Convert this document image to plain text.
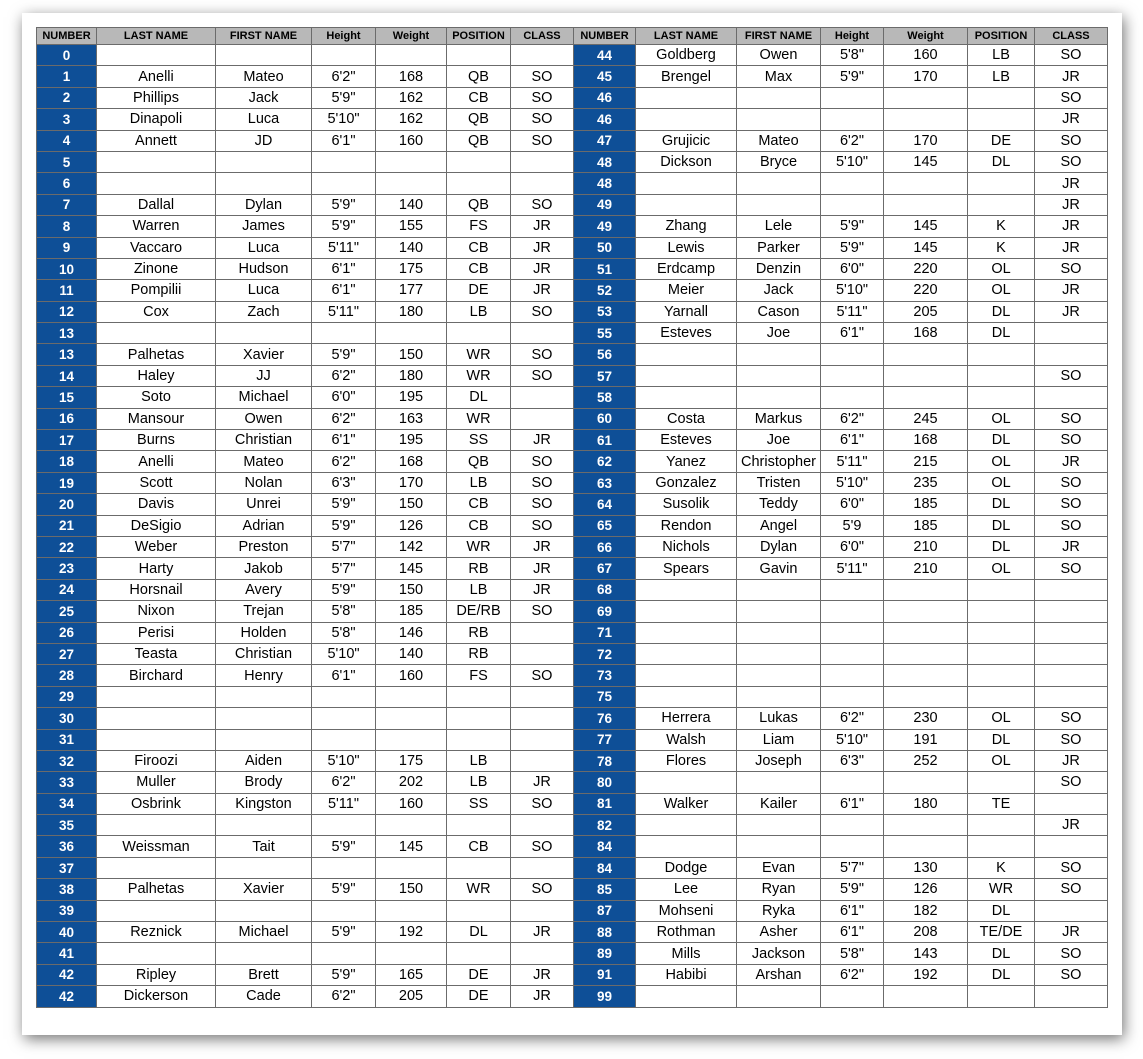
NUMBER	LAST NAME	FIRST NAME	Height	Weight	POSITION	CLASS	NUMBER	LAST NAME	FIRST NAME	Height	Weight	POSITION	CLASS
0							44	Goldberg	Owen	5'8"	160	LB	SO
1	Anelli	Mateo	6'2"	168	QB	SO	45	Brengel	Max	5'9"	170	LB	JR
2	Phillips	Jack	5'9"	162	CB	SO	46						SO
3	Dinapoli	Luca	5'10"	162	QB	SO	46						JR
4	Annett	JD	6'1"	160	QB	SO	47	Grujicic	Mateo	6'2"	170	DE	SO
5							48	Dickson	Bryce	5'10"	145	DL	SO
6							48						JR
7	Dallal	Dylan	5'9"	140	QB	SO	49						JR
8	Warren	James	5'9"	155	FS	JR	49	Zhang	Lele	5'9"	145	K	JR
9	Vaccaro	Luca	5'11"	140	CB	JR	50	Lewis	Parker	5'9"	145	K	JR
10	Zinone	Hudson	6'1"	175	CB	JR	51	Erdcamp	Denzin	6'0"	220	OL	SO
11	Pompilii	Luca	6'1"	177	DE	JR	52	Meier	Jack	5'10"	220	OL	JR
12	Cox	Zach	5'11"	180	LB	SO	53	Yarnall	Cason	5'11"	205	DL	JR
13							55	Esteves	Joe	6'1"	168	DL	
13	Palhetas	Xavier	5'9"	150	WR	SO	56						
14	Haley	JJ	6'2"	180	WR	SO	57						SO
15	Soto	Michael	6'0"	195	DL		58						
16	Mansour	Owen	6'2"	163	WR		60	Costa	Markus	6'2"	245	OL	SO
17	Burns	Christian	6'1"	195	SS	JR	61	Esteves	Joe	6'1"	168	DL	SO
18	Anelli	Mateo	6'2"	168	QB	SO	62	Yanez	Christopher	5'11"	215	OL	JR
19	Scott	Nolan	6'3"	170	LB	SO	63	Gonzalez	Tristen	5'10"	235	OL	SO
20	Davis	Unrei	5'9"	150	CB	SO	64	Susolik	Teddy	6'0"	185	DL	SO
21	DeSigio	Adrian	5'9"	126	CB	SO	65	Rendon	Angel	5'9	185	DL	SO
22	Weber	Preston	5'7"	142	WR	JR	66	Nichols	Dylan	6'0"	210	DL	JR
23	Harty	Jakob	5'7"	145	RB	JR	67	Spears	Gavin	5'11"	210	OL	SO
24	Horsnail	Avery	5'9"	150	LB	JR	68						
25	Nixon	Trejan	5'8"	185	DE/RB	SO	69						
26	Perisi	Holden	5'8"	146	RB		71						
27	Teasta	Christian	5'10"	140	RB		72						
28	Birchard	Henry	6'1"	160	FS	SO	73						
29							75						
30							76	Herrera	Lukas	6'2"	230	OL	SO
31							77	Walsh	Liam	5'10"	191	DL	SO
32	Firoozi	Aiden	5'10"	175	LB		78	Flores	Joseph	6'3"	252	OL	JR
33	Muller	Brody	6'2"	202	LB	JR	80						SO
34	Osbrink	Kingston	5'11"	160	SS	SO	81	Walker	Kailer	6'1"	180	TE	
35							82						JR
36	Weissman	Tait	5'9"	145	CB	SO	84						
37							84	Dodge	Evan	5'7"	130	K	SO
38	Palhetas	Xavier	5'9"	150	WR	SO	85	Lee	Ryan	5'9"	126	WR	SO
39							87	Mohseni	Ryka	6'1"	182	DL	
40	Reznick	Michael	5'9"	192	DL	JR	88	Rothman	Asher	6'1"	208	TE/DE	JR
41							89	Mills	Jackson	5'8"	143	DL	SO
42	Ripley	Brett	5'9"	165	DE	JR	91	Habibi	Arshan	6'2"	192	DL	SO
42	Dickerson	Cade	6'2"	205	DE	JR	99						
